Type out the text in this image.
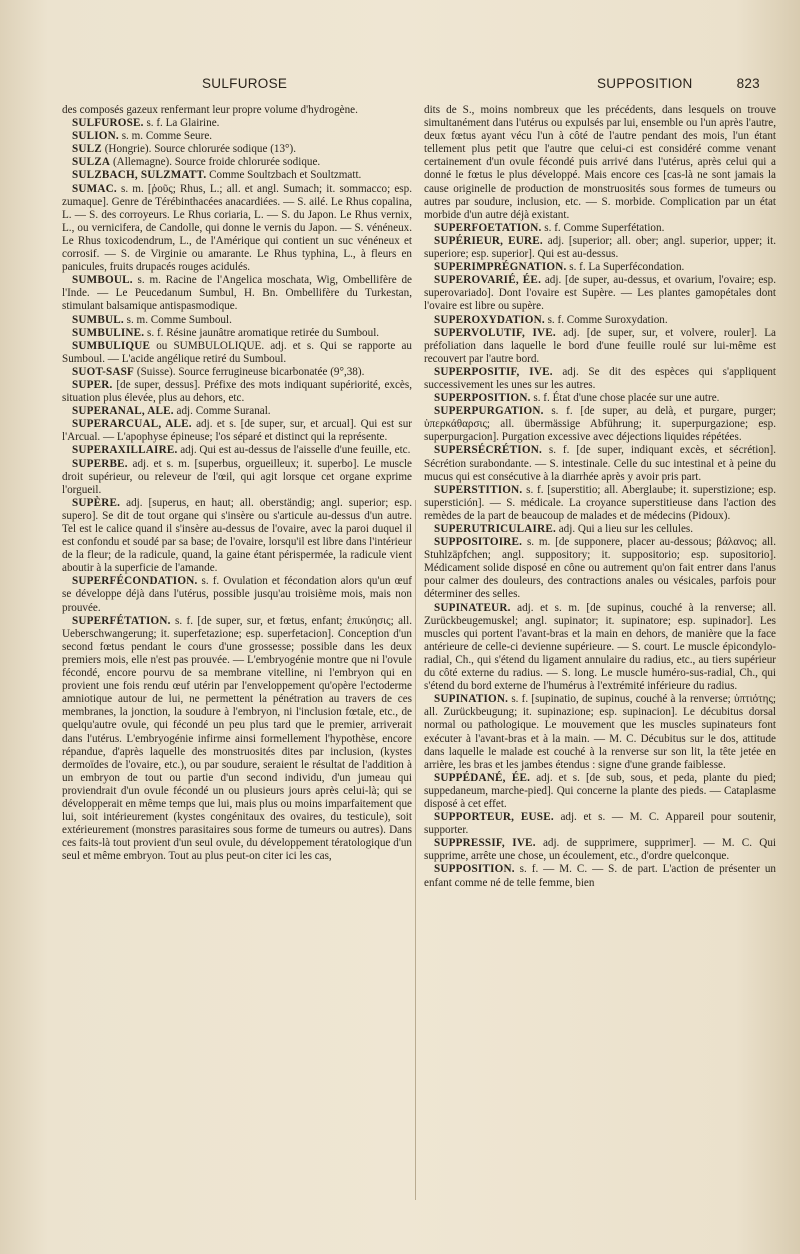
SULFUROSE	SUPPOSITION	823

des composés gazeux renfermant leur propre volume d'hydrogène.

SULFUROSE. s. f. La Glairine.

SULION. s. m. Comme Seure.

SULZ (Hongrie). Source chlorurée sodique (13°).

SULZA (Allemagne). Source froide chlorurée sodique.

SULZBACH, SULZMATT. Comme Soultzbach et Soultzmatt.

SUMAC. s. m. [ῥοῦς; Rhus, L.; all. et angl. Sumach; it. sommacco; esp. zumaque]. Genre de Térébinthacées anacardiées. — S. ailé. Le Rhus copalina, L. — S. des corroyeurs. Le Rhus coriaria, L. — S. du Japon. Le Rhus vernix, L., ou vernicifera, de Candolle, qui donne le vernis du Japon. — S. vénéneux. Le Rhus toxicodendrum, L., de l'Amérique qui contient un suc vénéneux et corrosif. — S. de Virginie ou amarante. Le Rhus typhina, L., à fleurs en panicules, fruits drupacés rouges acidulés.

SUMBOUL. s. m. Racine de l'Angelica moschata, Wig, Ombellifère de l'Inde. — Le Peucedanum Sumbul, H. Bn. Ombellifère du Turkestan, stimulant balsamique antispasmodique.

SUMBUL. s. m. Comme Sumboul.

SUMBULINE. s. f. Résine jaunâtre aromatique retirée du Sumboul.

SUMBULIQUE ou SUMBULOLIQUE. adj. et s. Qui se rapporte au Sumboul. — L'acide angélique retiré du Sumboul.

SUOT-SASF (Suisse). Source ferrugineuse bicarbonatée (9°,38).

SUPER. [de super, dessus]. Préfixe des mots indiquant supériorité, excès, situation plus élevée, plus au dehors, etc.

SUPERANAL, ALE. adj. Comme Suranal.

SUPERARCUAL, ALE. adj. et s. [de super, sur, et arcual]. Qui est sur l'Arcual. — L'apophyse épineuse; l'os séparé et distinct qui la représente.

SUPERAXILLAIRE. adj. Qui est au-dessus de l'aisselle d'une feuille, etc.

SUPERBE. adj. et s. m. [superbus, orgueilleux; it. superbo]. Le muscle droit supérieur, ou releveur de l'œil, qui agit lorsque cet organe exprime l'orgueil.

SUPÈRE. adj. [superus, en haut; all. oberständig; angl. superior; esp. supero]. Se dit de tout organe qui s'insère ou s'articule au-dessus d'un autre. Tel est le calice quand il s'insère au-dessus de l'ovaire, avec la paroi duquel il est confondu et soudé par sa base; de l'ovaire, lorsqu'il est libre dans l'intérieur de la fleur; de la radicule, quand, la gaine étant périspermée, la radicule vient aboutir à la superficie de l'amande.

SUPERFÉCONDATION. s. f. Ovulation et fécondation alors qu'un œuf se développe déjà dans l'utérus, possible jusqu'au troisième mois, mais non prouvée.

SUPERFÉTATION. s. f. [de super, sur, et fœtus, enfant; ἐπικύησις; all. Ueberschwangerung; it. superfetazione; esp. superfetacion]. Conception d'un second fœtus pendant le cours d'une grossesse; possible dans les deux premiers mois, elle n'est pas prouvée. — L'embryogénie montre que ni l'ovule fécondé, encore pourvu de sa membrane vitelline, ni l'embryon qui en provient une fois rendu œuf utérin par l'enveloppement qu'opère l'ectoderme amniotique autour de lui, ne permettent la pénétration au travers de ces membranes, la jonction, la soudure à l'embryon, ni l'inclusion fœtale, etc., de quelqu'autre ovule, qui fécondé un peu plus tard que le premier, arriverait dans l'utérus. L'embryogénie infirme ainsi formellement l'hypothèse, encore répandue, d'après laquelle des monstruosités dites par inclusion, (kystes dermoïdes de l'ovaire, etc.), ou par soudure, seraient le résultat de l'addition à un embryon de tout ou partie d'un second individu, d'un jumeau qui proviendrait d'un ovule fécondé un ou plusieurs jours après celui-là; qui se développerait en même temps que lui, mais plus ou moins imparfaitement que lui, soit intérieurement (kystes congénitaux des ovaires, du testicule), soit extérieurement (monstres parasitaires sous forme de tumeurs ou autres). Dans ces faits-là tout provient d'un seul ovule, du développement tératologique d'un seul et même embryon. Tout au plus peut-on citer ici les cas,

dits de S., moins nombreux que les précédents, dans lesquels on trouve simultanément dans l'utérus ou expulsés par lui, ensemble ou l'un après l'autre, deux fœtus ayant vécu l'un à côté de l'autre pendant des mois, l'un étant tellement plus petit que l'autre que celui-ci est considéré comme venant certainement d'un ovule fécondé puis arrivé dans l'utérus, après celui qui a donné le fœtus le plus développé. Mais encore ces [cas-là ne sont jamais la cause originelle de production de monstruosités sous formes de tumeurs ou autres par soudure, inclusion, etc. — S. morbide. Complication par un état morbide d'un autre déjà existant.

SUPERFOETATION. s. f. Comme Superfétation.

SUPÉRIEUR, EURE. adj. [superior; all. ober; angl. superior, upper; it. superiore; esp. superior]. Qui est au-dessus.

SUPERIMPRÉGNATION. s. f. La Superfécondation.

SUPEROVARIÉ, ÉE. adj. [de super, au-dessus, et ovarium, l'ovaire; esp. superovariado]. Dont l'ovaire est Supère. — Les plantes gamopétales dont l'ovaire est libre ou supère.

SUPEROXYDATION. s. f. Comme Suroxydation.

SUPERVOLUTIF, IVE. adj. [de super, sur, et volvere, rouler]. La préfoliation dans laquelle le bord d'une feuille roulé sur lui-même est recouvert par l'autre bord.

SUPERPOSITIF, IVE. adj. Se dit des espèces qui s'appliquent successivement les unes sur les autres.

SUPERPOSITION. s. f. État d'une chose placée sur une autre.

SUPERPURGATION. s. f. [de super, au delà, et purgare, purger; ὑπερκάθαρσις; all. übermässige Abführung; it. superpurgazione; esp. superpurgacion]. Purgation excessive avec déjections liquides répétées.

SUPERSÉCRÉTION. s. f. [de super, indiquant excès, et sécrétion]. Sécrétion surabondante. — S. intestinale. Celle du suc intestinal et à peine du mucus qui est consécutive à la diarrhée après y avoir pris part.

SUPERSTITION. s. f. [superstitio; all. Aberglaube; it. superstizione; esp. superstición]. — S. médicale. La croyance superstitieuse dans l'action des remèdes de la part de beaucoup de malades et de médecins (Pidoux).

SUPERUTRICULAIRE. adj. Qui a lieu sur les cellules.

SUPPOSITOIRE. s. m. [de supponere, placer au-dessous; βάλανος; all. Stuhlzäpfchen; angl. suppository; it. suppositorio; esp. supositorio]. Médicament solide disposé en cône ou autrement qu'on fait entrer dans l'anus pour calmer des douleurs, des contractions anales ou vésicales, parfois pour déterminer des selles.

SUPINATEUR. adj. et s. m. [de supinus, couché à la renverse; all. Zurückbeugemuskel; angl. supinator; it. supinatore; esp. supinador]. Les muscles qui portent l'avant-bras et la main en dehors, de manière que la face antérieure de celle-ci devienne supérieure. — S. court. Le muscle épicondylo-radial, Ch., qui s'étend du ligament annulaire du radius, etc., au tiers supérieur du côté externe du radius. — S. long. Le muscle huméro-sus-radial, Ch., qui s'étend du bord externe de l'humérus à l'extrémité inférieure du radius.

SUPINATION. s. f. [supinatio, de supinus, couché à la renverse; ὑπτιότης; all. Zurückbeugung; it. supinazione; esp. supinacion]. Le décubitus dorsal normal ou pathologique. Le mouvement que les muscles supinateurs font exécuter à l'avant-bras et à la main. — M. C. Décubitus sur le dos, attitude dans laquelle le malade est couché à la renverse sur son lit, la tête jetée en arrière, les bras et les jambes étendus : signe d'une grande faiblesse.

SUPPÉDANÉ, ÉE. adj. et s. [de sub, sous, et peda, plante du pied; suppedaneum, marche-pied]. Qui concerne la plante des pieds. — Cataplasme disposé à cet effet.

SUPPORTEUR, EUSE. adj. et s. — M. C. Appareil pour soutenir, supporter.

SUPPRESSIF, IVE. adj. de supprimere, supprimer]. — M. C. Qui supprime, arrête une chose, un écoulement, etc., d'ordre quelconque.

SUPPOSITION. s. f. — M. C. — S. de part. L'action de présenter un enfant comme né de telle femme, bien
